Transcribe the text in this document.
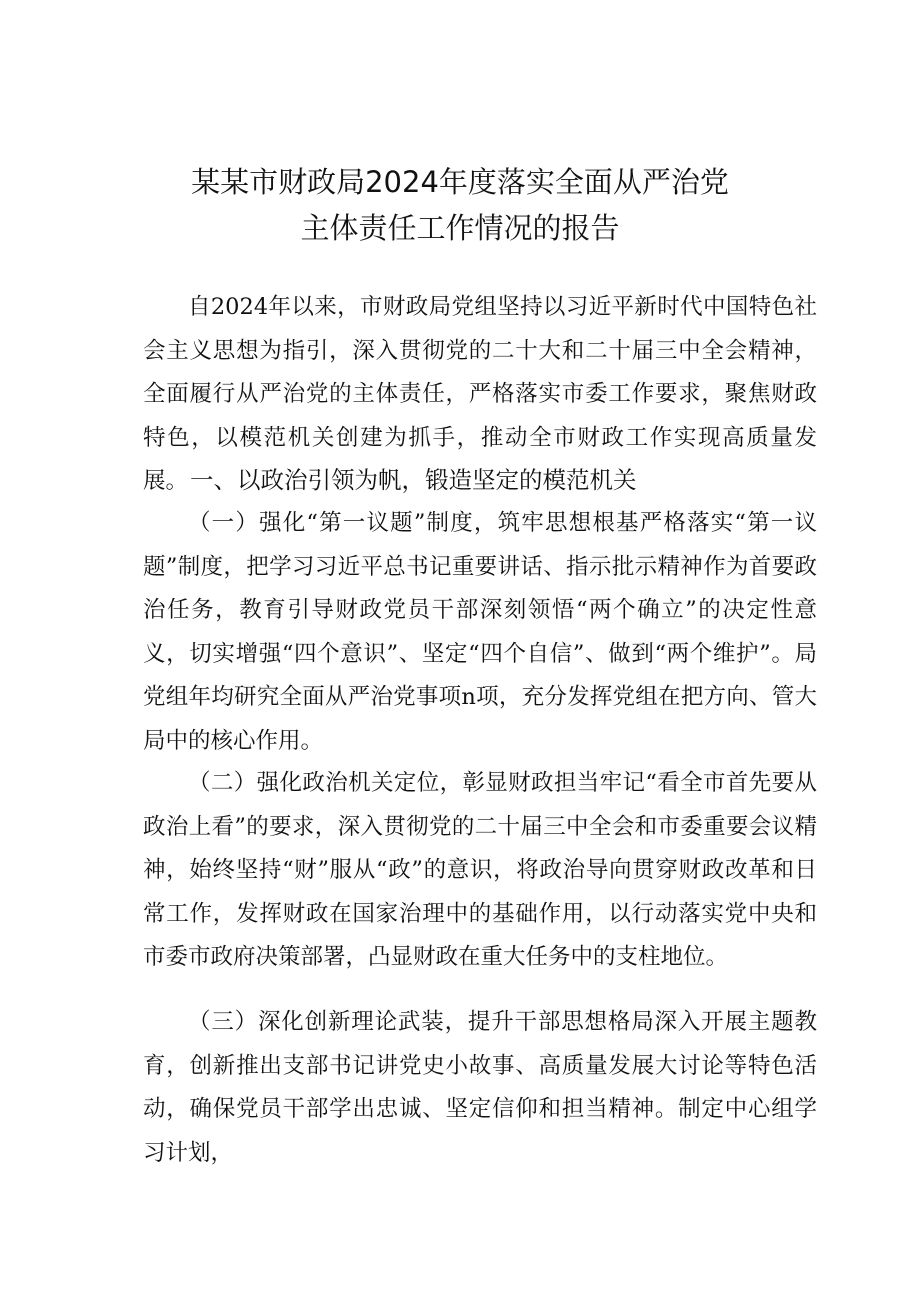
某某市财政局2024年度落实全面从严治党
主体责任工作情况的报告

自2024年以来，市财政局党组坚持以习近平新时代中国特色社会主义思想为指引，深入贯彻党的二十大和二十届三中全会精神，全面履行从严治党的主体责任，严格落实市委工作要求，聚焦财政特色，以模范机关创建为抓手，推动全市财政工作实现高质量发展。 一、以政治引领为帆，锻造坚定的模范机关

（一）强化“第一议题”制度，筑牢思想根基严格落实“第一议题”制度，把学习习近平总书记重要讲话、指示批示精神作为首要政治任务，教育引导财政党员干部深刻领悟“两个确立”的决定性意义，切实增强“四个意识”、坚定“四个自信”、做到“两个维护”。局党组年均研究全面从严治党事项n项，充分发挥党组在把方向、管大局中的核心作用。

（二）强化政治机关定位，彰显财政担当牢记“看全市首先要从政治上看”的要求，深入贯彻党的二十届三中全会和市委重要会议精神，始终坚持“财”服从“政”的意识，将政治导向贯穿财政改革和日常工作，发挥财政在国家治理中的基础作用，以行动落实党中央和市委市政府决策部署，凸显财政在重大任务中的支柱地位。

（三）深化创新理论武装，提升干部思想格局深入开展主题教育，创新推出支部书记讲党史小故事、高质量发展大讨论等特色活动，确保党员干部学出忠诚、坚定信仰和担当精神。制定中心组学习计划，
